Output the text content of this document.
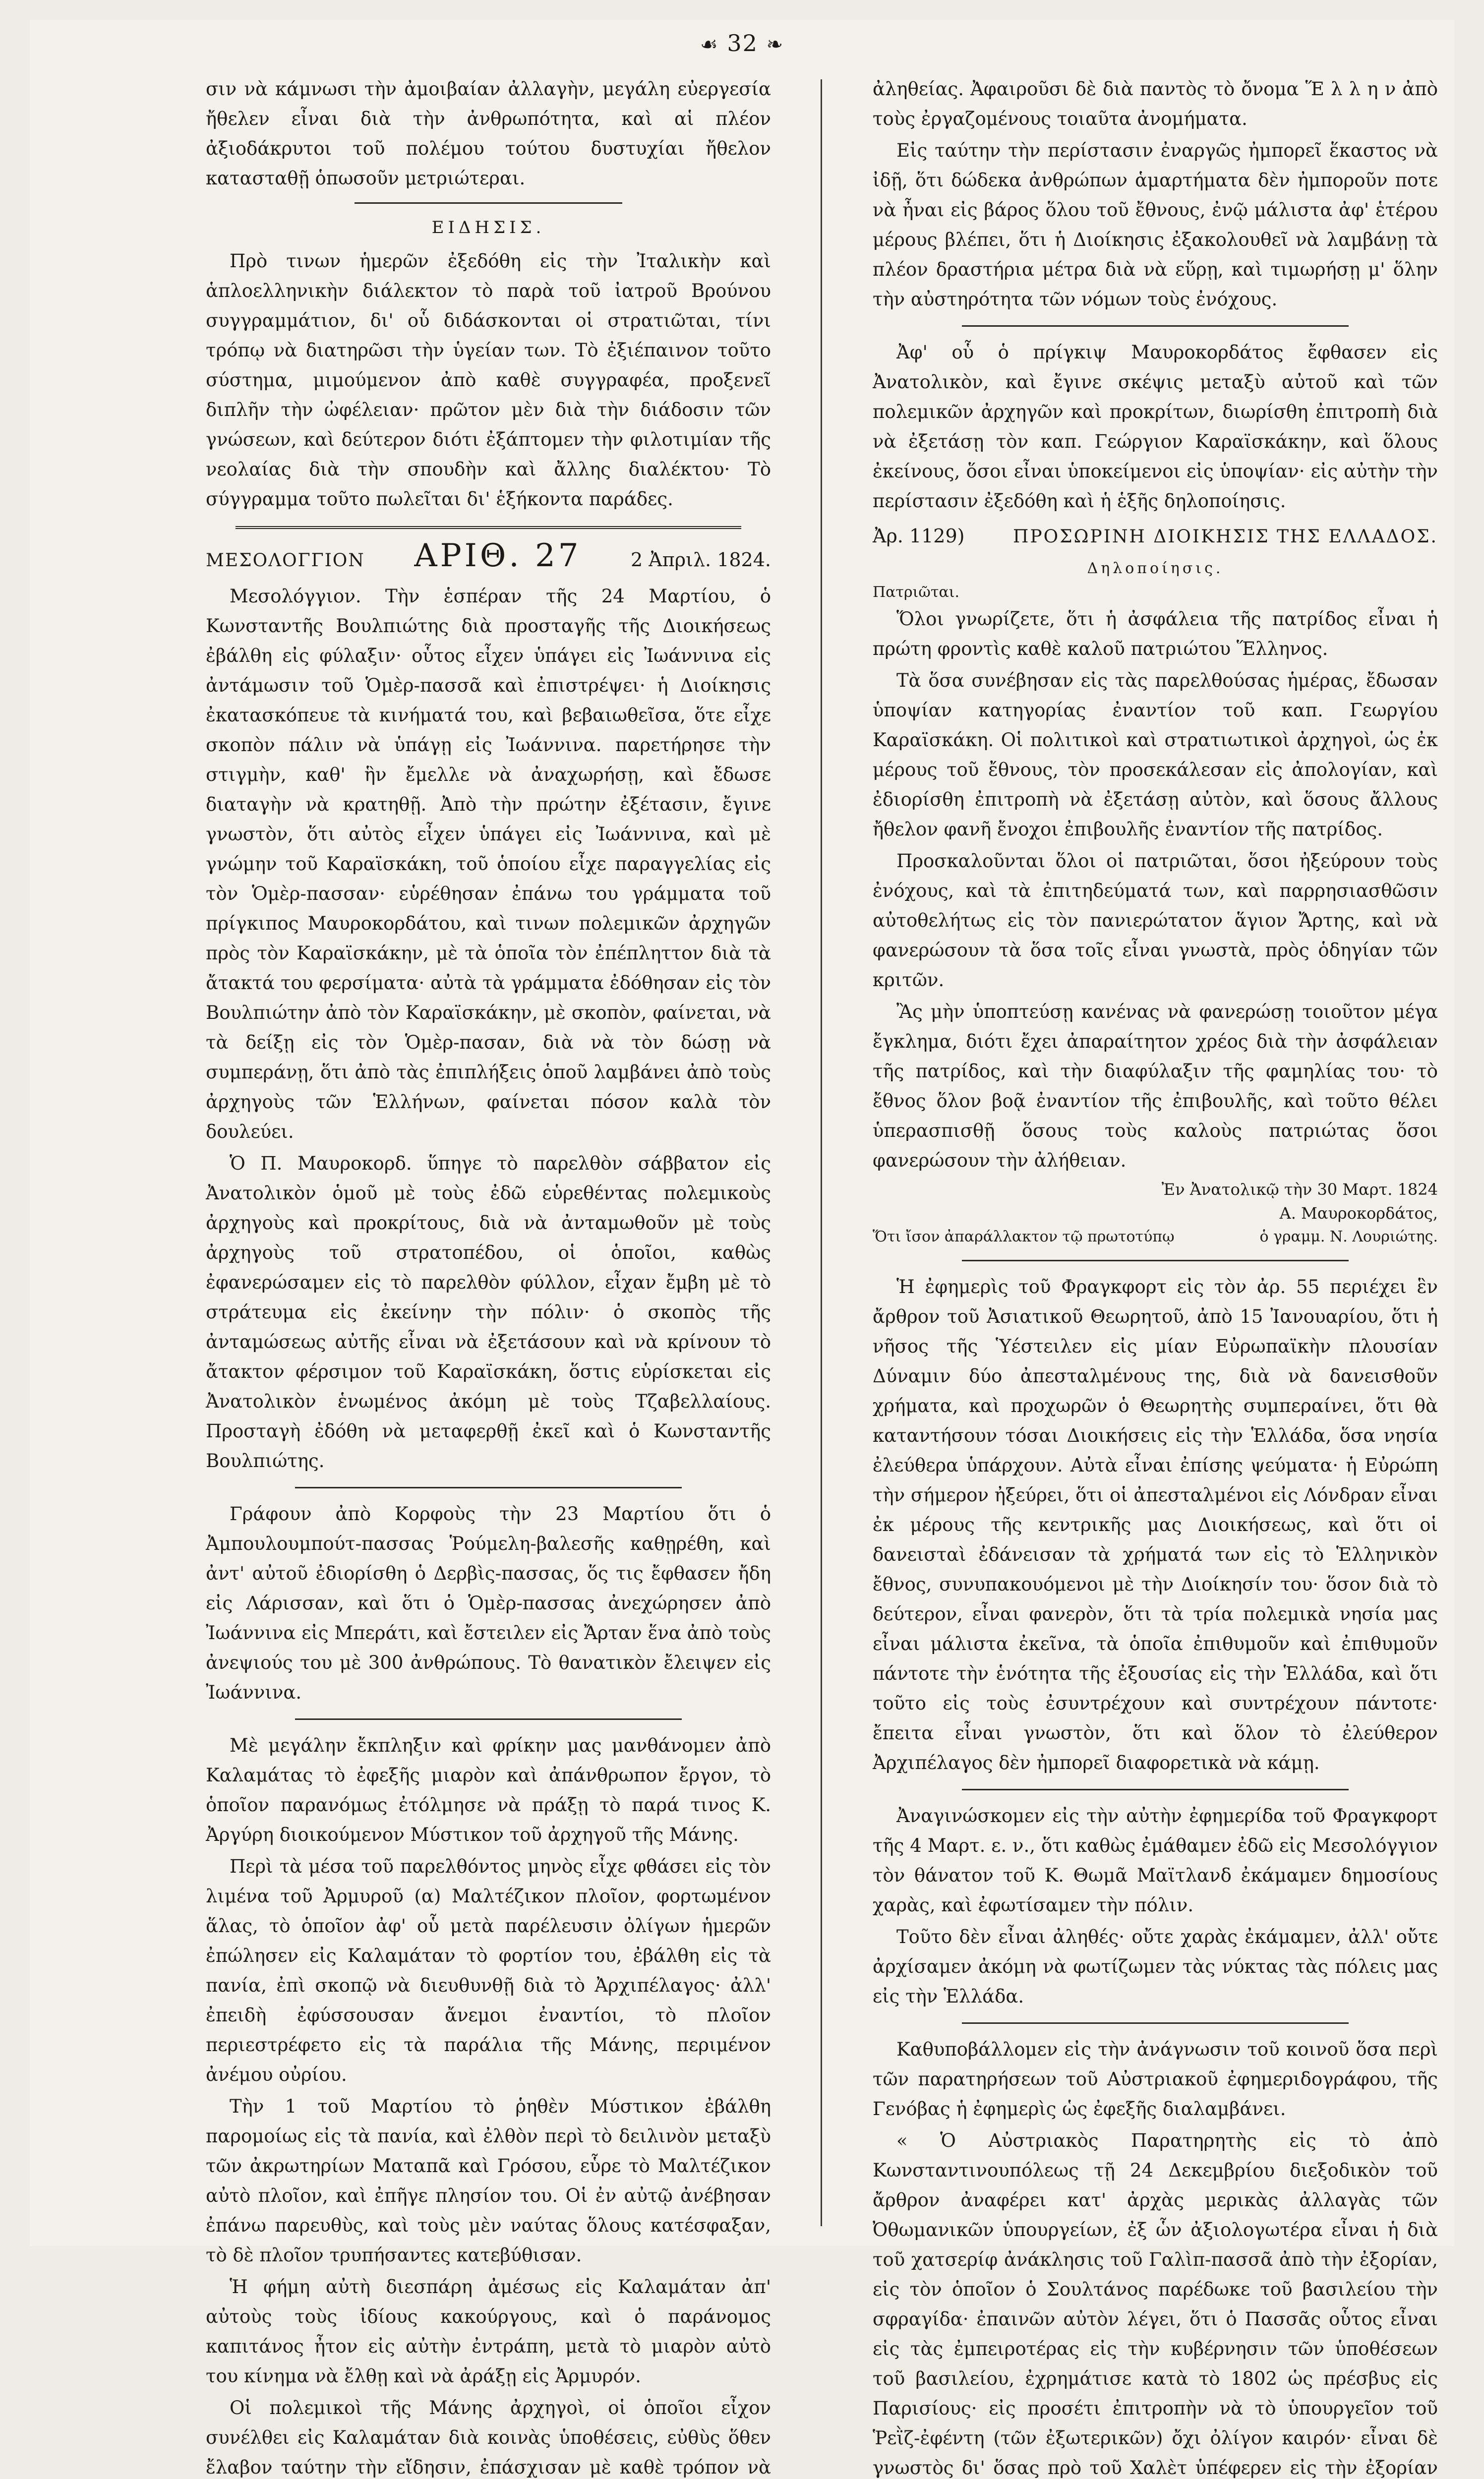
☙ 32 ❧

σιν νὰ κάμνωσι τὴν ἀμοιβαίαν ἀλλαγὴν, μεγάλη εὐεργεσία ἤθελεν εἶναι διὰ τὴν ἀνθρωπότητα, καὶ αἱ πλέον ἀξιοδάκρυτοι τοῦ πολέμου τούτου δυστυχίαι ἤθελον κατασταθῇ ὁπωσοῦν μετριώτεραι.

ΕΙΔΗΣΙΣ.

Πρὸ τινων ἡμερῶν ἐξεδόθη εἰς τὴν Ἰταλικὴν καὶ ἁπλοελληνικὴν διάλεκτον τὸ παρὰ τοῦ ἰατροῦ Βρούνου συγγραμμάτιον, δι' οὗ διδάσκονται οἱ στρατιῶται, τίνι τρόπῳ νὰ διατηρῶσι τὴν ὑγείαν των. Τὸ ἐξιέπαινον τοῦτο σύστημα, μιμούμενον ἀπὸ καθὲ συγγραφέα, προξενεῖ διπλῆν τὴν ὠφέλειαν· πρῶτον μὲν διὰ τὴν διάδοσιν τῶν γνώσεων, καὶ δεύτερον διότι ἐξάπτομεν τὴν φιλοτιμίαν τῆς νεολαίας διὰ τὴν σπουδὴν καὶ ἄλλης διαλέκτου· Τὸ σύγγραμμα τοῦτο πωλεῖται δι' ἑξήκοντα παράδες.

ΜΕΣΟΛΟΓΓΙΟΝ ΑΡΙΘ. 27	2 Ἀπριλ. 1824.

Μεσολόγγιον. Τὴν ἑσπέραν τῆς 24 Μαρτίου, ὁ Κωνσταντῆς Βουλπιώτης διὰ προσταγῆς τῆς Διοικήσεως ἐβάλθη εἰς φύλαξιν· οὗτος εἶχεν ὑπάγει εἰς Ἰωάννινα εἰς ἀντάμωσιν τοῦ Ὁμὲρ-πασσᾶ καὶ ἐπιστρέψει· ἡ Διοίκησις ἐκατασκόπευε τὰ κινήματά του, καὶ βεβαιωθεῖσα, ὅτε εἶχε σκοπὸν πάλιν νὰ ὑπάγῃ εἰς Ἰωάννινα. παρετήρησε τὴν στιγμὴν, καθ' ἣν ἔμελλε νὰ ἀναχωρήσῃ, καὶ ἔδωσε διαταγὴν νὰ κρατηθῇ. Ἀπὸ τὴν πρώτην ἐξέτασιν, ἔγινε γνωστὸν, ὅτι αὐτὸς εἶχεν ὑπάγει εἰς Ἰωάννινα, καὶ μὲ γνώμην τοῦ Καραϊσκάκη, τοῦ ὁποίου εἶχε παραγγελίας εἰς τὸν Ὁμὲρ-πασσαν· εὑρέθησαν ἐπάνω του γράμματα τοῦ πρίγκιπος Μαυροκορδάτου, καὶ τινων πολεμικῶν ἀρχηγῶν πρὸς τὸν Καραϊσκάκην, μὲ τὰ ὁποῖα τὸν ἐπέπληττον διὰ τὰ ἄτακτά του φερσίματα· αὐτὰ τὰ γράμματα ἐδόθησαν εἰς τὸν Βουλπιώτην ἀπὸ τὸν Καραϊσκάκην, μὲ σκοπὸν, φαίνεται, νὰ τὰ δείξῃ εἰς τὸν Ὁμὲρ-πασαν, διὰ νὰ τὸν δώσῃ νὰ συμπεράνῃ, ὅτι ἀπὸ τὰς ἐπιπλήξεις ὁποῦ λαμβάνει ἀπὸ τοὺς ἀρχηγοὺς τῶν Ἑλλήνων, φαίνεται πόσον καλὰ τὸν δουλεύει.

Ὁ Π. Μαυροκορδ. ὕπηγε τὸ παρελθὸν σάββατον εἰς Ἀνατολικὸν ὁμοῦ μὲ τοὺς ἐδῶ εὑρεθέντας πολεμικοὺς ἀρχηγοὺς καὶ προκρίτους, διὰ νὰ ἀνταμωθοῦν μὲ τοὺς ἀρχηγοὺς τοῦ στρατοπέδου, οἱ ὁποῖοι, καθὼς ἐφανερώσαμεν εἰς τὸ παρελθὸν φύλλον, εἶχαν ἔμβη μὲ τὸ στράτευμα εἰς ἐκείνην τὴν πόλιν· ὁ σκοπὸς τῆς ἀνταμώσεως αὐτῆς εἶναι νὰ ἐξετάσουν καὶ νὰ κρίνουν τὸ ἄτακτον φέρσιμον τοῦ Καραϊσκάκη, ὅστις εὑρίσκεται εἰς Ἀνατολικὸν ἑνωμένος ἀκόμη μὲ τοὺς Τζαβελλαίους. Προσταγὴ ἐδόθη νὰ μεταφερθῇ ἐκεῖ καὶ ὁ Κωνσταντῆς Βουλπιώτης.

Γράφουν ἀπὸ Κορφοὺς τὴν 23 Μαρτίου ὅτι ὁ Ἀμπουλουμπούτ-πασσας Ῥούμελη-βαλεσῆς καθῃρέθη, καὶ ἀντ' αὐτοῦ ἐδιορίσθη ὁ Δερβὶς-πασσας, ὅς τις ἔφθασεν ἤδη εἰς Λάρισσαν, καὶ ὅτι ὁ Ὁμὲρ-πασσας ἀνεχώρησεν ἀπὸ Ἰωάννινα εἰς Μπεράτι, καὶ ἔστειλεν εἰς Ἄρταν ἕνα ἀπὸ τοὺς ἀνεψιούς του μὲ 300 ἀνθρώπους. Τὸ θανατικὸν ἔλειψεν εἰς Ἰωάννινα.

Μὲ μεγάλην ἔκπληξιν καὶ φρίκην μας μανθάνομεν ἀπὸ Καλαμάτας τὸ ἐφεξῆς μιαρὸν καὶ ἀπάνθρωπον ἔργον, τὸ ὁποῖον παρανόμως ἐτόλμησε νὰ πράξῃ τὸ παρά τινος Κ. Ἀργύρη διοικούμενον Μύστικον τοῦ ἀρχηγοῦ τῆς Μάνης.

Περὶ τὰ μέσα τοῦ παρελθόντος μηνὸς εἶχε φθάσει εἰς τὸν λιμένα τοῦ Ἀρμυροῦ (α) Μαλτέζικον πλοῖον, φορτωμένον ἅλας, τὸ ὁποῖον ἀφ' οὗ μετὰ παρέλευσιν ὀλίγων ἡμερῶν ἐπώλησεν εἰς Καλαμάταν τὸ φορτίον του, ἐβάλθη εἰς τὰ πανία, ἐπὶ σκοπῷ νὰ διευθυνθῇ διὰ τὸ Ἀρχιπέλαγος· ἀλλ' ἐπειδὴ ἐφύσσουσαν ἄνεμοι ἐναντίοι, τὸ πλοῖον περιεστρέφετο εἰς τὰ παράλια τῆς Μάνης, περιμένον ἀνέμου οὐρίου.

Τὴν 1 τοῦ Μαρτίου τὸ ῥηθὲν Μύστικον ἐβάλθη παρομοίως εἰς τὰ πανία, καὶ ἐλθὸν περὶ τὸ δειλινὸν μεταξὺ τῶν ἀκρωτηρίων Ματαπᾶ καὶ Γρόσου, εὗρε τὸ Μαλτέζικον αὐτὸ πλοῖον, καὶ ἐπῆγε πλησίον του. Οἱ ἐν αὐτῷ ἀνέβησαν ἐπάνω παρευθὺς, καὶ τοὺς μὲν ναύτας ὅλους κατέσφαξαν, τὸ δὲ πλοῖον τρυπήσαντες κατεβύθισαν.

Ἡ φήμη αὐτὴ διεσπάρη ἀμέσως εἰς Καλαμάταν ἀπ' αὐτοὺς τοὺς ἰδίους κακούργους, καὶ ὁ παράνομος καπιτάνος ἦτον εἰς αὐτὴν ἐντράπη, μετὰ τὸ μιαρὸν αὐτὸ του κίνημα νὰ ἔλθῃ καὶ νὰ ἀράξῃ εἰς Ἀρμυρόν.

Οἱ πολεμικοὶ τῆς Μάνης ἀρχηγοὶ, οἱ ὁποῖοι εἶχον συνέλθει εἰς Καλαμάταν διὰ κοινὰς ὑποθέσεις, εὐθὺς ὅθεν ἔλαβον ταύτην τὴν εἴδησιν, ἐπάσχισαν μὲ καθὲ τρόπον νὰ

ἀληθείας. Ἀφαιροῦσι δὲ διὰ παντὸς τὸ ὄνομα Ἕ λ λ η ν ἀπὸ τοὺς ἐργαζομένους τοιαῦτα ἀνομήματα.

Εἰς ταύτην τὴν περίστασιν ἐναργῶς ἠμπορεῖ ἕκαστος νὰ ἰδῇ, ὅτι δώδεκα ἀνθρώπων ἁμαρτήματα δὲν ἠμποροῦν ποτε νὰ ἦναι εἰς βάρος ὅλου τοῦ ἔθνους, ἐνῷ μάλιστα ἀφ' ἑτέρου μέρους βλέπει, ὅτι ἡ Διοίκησις ἐξακολουθεῖ νὰ λαμβάνῃ τὰ πλέον δραστήρια μέτρα διὰ νὰ εὕρῃ, καὶ τιμωρήσῃ μ' ὅλην τὴν αὐστηρότητα τῶν νόμων τοὺς ἐνόχους.

Ἀφ' οὗ ὁ πρίγκιψ Μαυροκορδάτος ἔφθασεν εἰς Ἀνατολικὸν, καὶ ἔγινε σκέψις μεταξὺ αὐτοῦ καὶ τῶν πολεμικῶν ἀρχηγῶν καὶ προκρίτων, διωρίσθη ἐπιτροπὴ διὰ νὰ ἐξετάσῃ τὸν καπ. Γεώργιον Καραϊσκάκην, καὶ ὅλους ἐκείνους, ὅσοι εἶναι ὑποκείμενοι εἰς ὑποψίαν· εἰς αὐτὴν τὴν περίστασιν ἐξεδόθη καὶ ἡ ἑξῆς δηλοποίησις.

Ἀρ. 1129)	ΠΡΟΣΩΡΙΝΗ ΔΙΟΙΚΗΣΙΣ ΤΗΣ ΕΛΛΑΔΟΣ.
Δηλοποίησις.
Πατριῶται.

Ὅλοι γνωρίζετε, ὅτι ἡ ἀσφάλεια τῆς πατρίδος εἶναι ἡ πρώτη φροντὶς καθὲ καλοῦ πατριώτου Ἕλληνος.

Τὰ ὅσα συνέβησαν εἰς τὰς παρελθούσας ἡμέρας, ἔδωσαν ὑποψίαν κατηγορίας ἐναντίον τοῦ καπ. Γεωργίου Καραϊσκάκη. Οἱ πολιτικοὶ καὶ στρατιωτικοὶ ἀρχηγοὶ, ὡς ἐκ μέρους τοῦ ἔθνους, τὸν προσεκάλεσαν εἰς ἀπολογίαν, καὶ ἐδιορίσθη ἐπιτροπὴ νὰ ἐξετάσῃ αὐτὸν, καὶ ὅσους ἄλλους ἤθελον φανῆ ἔνοχοι ἐπιβουλῆς ἐναντίον τῆς πατρίδος.

Προσκαλοῦνται ὅλοι οἱ πατριῶται, ὅσοι ἠξεύρουν τοὺς ἐνόχους, καὶ τὰ ἐπιτηδεύματά των, καὶ παρρησιασθῶσιν αὐτοθελήτως εἰς τὸν πανιερώτατον ἅγιον Ἄρτης, καὶ νὰ φανερώσουν τὰ ὅσα τοῖς εἶναι γνωστὰ, πρὸς ὁδηγίαν τῶν κριτῶν.

Ἂς μὴν ὑποπτεύσῃ κανένας νὰ φανερώσῃ τοιοῦτον μέγα ἔγκλημα, διότι ἔχει ἀπαραίτητον χρέος διὰ τὴν ἀσφάλειαν τῆς πατρίδος, καὶ τὴν διαφύλαξιν τῆς φαμηλίας του· τὸ ἔθνος ὅλον βοᾷ ἐναντίον τῆς ἐπιβουλῆς, καὶ τοῦτο θέλει ὑπερασπισθῇ ὅσους τοὺς καλοὺς πατριώτας ὅσοι φανερώσουν τὴν ἀλήθειαν.

Ἐν Ἀνατολικῷ τὴν 30 Μαρτ. 1824
Α. Μαυροκορδάτος,
Ὅτι ἴσον ἀπαράλλακτον τῷ πρωτοτύπῳ	ὁ γραμμ. Ν. Λουριώτης.

Ἡ ἐφημερὶς τοῦ Φραγκφορτ εἰς τὸν ἀρ. 55 περιέχει ἓν ἄρθρον τοῦ Ἀσιατικοῦ Θεωρητοῦ, ἀπὸ 15 Ἰανουαρίου, ὅτι ἡ νῆσος τῆς Ὑέστειλεν εἰς μίαν Εὐρωπαϊκὴν πλουσίαν Δύναμιν δύο ἀπεσταλμένους της, διὰ νὰ δανεισθοῦν χρήματα, καὶ προχωρῶν ὁ Θεωρητὴς συμπεραίνει, ὅτι θὰ καταντήσουν τόσαι Διοικήσεις εἰς τὴν Ἑλλάδα, ὅσα νησία ἐλεύθερα ὑπάρχουν. Αὐτὰ εἶναι ἐπίσης ψεύματα· ἡ Εὐρώπη τὴν σήμερον ἠξεύρει, ὅτι οἱ ἀπεσταλμένοι εἰς Λόνδραν εἶναι ἐκ μέρους τῆς κεντρικῆς μας Διοικήσεως, καὶ ὅτι οἱ δανεισταὶ ἐδάνεισαν τὰ χρήματά των εἰς τὸ Ἑλληνικὸν ἔθνος, συνυπακουόμενοι μὲ τὴν Διοίκησίν του· ὅσον διὰ τὸ δεύτερον, εἶναι φανερὸν, ὅτι τὰ τρία πολεμικὰ νησία μας εἶναι μάλιστα ἐκεῖνα, τὰ ὁποῖα ἐπιθυμοῦν καὶ ἐπιθυμοῦν πάντοτε τὴν ἑνότητα τῆς ἐξουσίας εἰς τὴν Ἑλλάδα, καὶ ὅτι τοῦτο εἰς τοὺς ἐσυντρέχουν καὶ συντρέχουν πάντοτε· ἔπειτα εἶναι γνωστὸν, ὅτι καὶ ὅλον τὸ ἐλεύθερον Ἀρχιπέλαγος δὲν ἠμπορεῖ διαφορετικὰ νὰ κάμῃ.

Ἀναγινώσκομεν εἰς τὴν αὐτὴν ἐφημερίδα τοῦ Φραγκφορτ τῆς 4 Μαρτ. ε. ν., ὅτι καθὼς ἐμάθαμεν ἐδῶ εἰς Μεσολόγγιον τὸν θάνατον τοῦ Κ. Θωμᾶ Μαϊτλανδ ἐκάμαμεν δημοσίους χαρὰς, καὶ ἐφωτίσαμεν τὴν πόλιν.

Τοῦτο δὲν εἶναι ἀληθές· οὔτε χαρὰς ἐκάμαμεν, ἀλλ' οὔτε ἀρχίσαμεν ἀκόμη νὰ φωτίζωμεν τὰς νύκτας τὰς πόλεις μας εἰς τὴν Ἑλλάδα.

Καθυποβάλλομεν εἰς τὴν ἀνάγνωσιν τοῦ κοινοῦ ὅσα περὶ τῶν παρατηρήσεων τοῦ Αὐστριακοῦ ἐφημεριδογράφου, τῆς Γενόβας ἡ ἐφημερὶς ὡς ἐφεξῆς διαλαμβάνει.

« Ὁ Αὐστριακὸς Παρατηρητὴς εἰς τὸ ἀπὸ Κωνσταντινουπόλεως τῇ 24 Δεκεμβρίου διεξοδικὸν τοῦ ἄρθρον ἀναφέρει κατ' ἀρχὰς μερικὰς ἀλλαγὰς τῶν Ὀθωμανικῶν ὑπουργείων, ἐξ ὧν ἀξιολογωτέρα εἶναι ἡ διὰ τοῦ χατσερίφ ἀνάκλησις τοῦ Γαλὶπ-πασσᾶ ἀπὸ τὴν ἐξορίαν, εἰς τὸν ὁποῖον ὁ Σουλτάνος παρέδωκε τοῦ βασιλείου τὴν σφραγίδα· ἐπαινῶν αὐτὸν λέγει, ὅτι ὁ Πασσᾶς οὗτος εἶναι εἰς τὰς ἐμπειροτέρας εἰς τὴν κυβέρνησιν τῶν ὑποθέσεων τοῦ βασιλείου, ἐχρημάτισε κατὰ τὸ 1802 ὡς πρέσβυς εἰς Παρισίους· εἰς προσέτι ἐπιτροπὴν νὰ τὸ ὑπουργεῖον τοῦ Ῥεῒζ-ἐφέντη (τῶν ἐξωτερικῶν) ὄχι ὀλίγον καιρόν· εἶναι δὲ γνωστὸς δι' ὅσας πρὸ τοῦ Χαλὲτ ὑπέφερεν εἰς τὴν ἐξορίαν
